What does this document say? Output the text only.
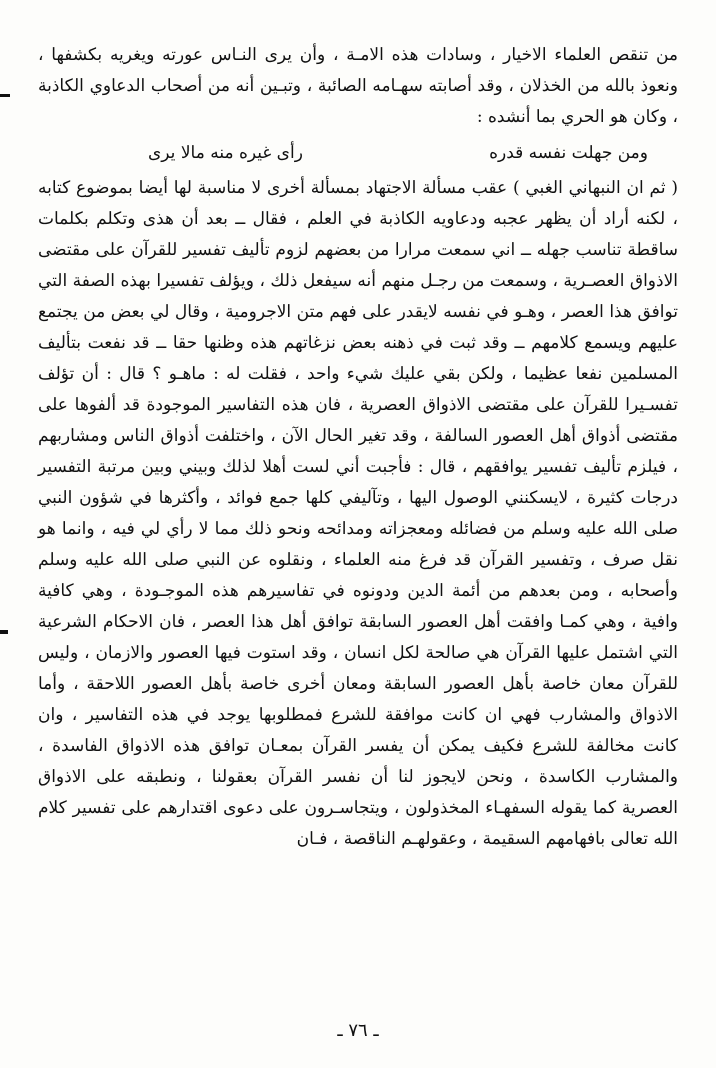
من تنقص العلماء الاخيار ، وسادات هذه الامـة ، وأن يرى النـاس عورته ويغريه بكشفها ، ونعوذ بالله من الخذلان ، وقد أصابته سهـامه الصائبة ، وتبـين أنه من أصحاب الدعاوي الكاذبة ، وكان هو الحري بما أنشده :

ومن جهلت نفسه قدره
رأى غيره منه مالا يرى

( ثم ان النبهاني الغبي ) عقب مسألة الاجتهاد بمسألة أخرى لا مناسبة لها أيضا بموضوع كتابه ، لكنه أراد أن يظهر عجبه ودعاويه الكاذبة في العلم ، فقال ــ بعد أن هذى وتكلم بكلمات ساقطة تناسب جهله ــ اني سمعت مرارا من بعضهم لزوم تأليف تفسير للقرآن على مقتضى الاذواق العصـرية ، وسمعت من رجـل منهم أنه سيفعل ذلك ، ويؤلف تفسيرا بهذه الصفة التي توافق هذا العصر ، وهـو في نفسه لايقدر على فهم متن الاجرومية ، وقال لي بعض من يجتمع عليهم ويسمع كلامهم ــ وقد ثبت في ذهنه بعض نزغاتهم هذه وظنها حقا ــ قد نفعت بتأليف المسلمين نفعا عظيما ، ولكن بقي عليك شيء واحد ، فقلت له : ماهـو ؟ قال : أن تؤلف تفسـيرا للقرآن على مقتضى الاذواق العصرية ، فان هذه التفاسير الموجودة قد ألفوها على مقتضى أذواق أهل العصور السالفة ، وقد تغير الحال الآن ، واختلفت أذواق الناس ومشاربهم ، فيلزم تأليف تفسير يوافقهم ، قال : فأجبت أني لست أهلا لذلك وبيني وبين مرتبة التفسير درجات كثيرة ، لايسكنني الوصول اليها ، وتآليفي كلها جمع فوائد ، وأكثرها في شؤون النبي صلى الله عليه وسلم من فضائله ومعجزاته ومدائحه ونحو ذلك مما لا رأي لي فيه ، وانما هو نقل صرف ، وتفسير القرآن قد فرغ منه العلماء ، ونقلوه عن النبي صلى الله عليه وسلم وأصحابه ، ومن بعدهم من أئمة الدين ودونوه في تفاسيرهم هذه الموجـودة ، وهي كافية وافية ، وهي كمـا وافقت أهل العصور السابقة توافق أهل هذا العصر ، فان الاحكام الشرعية التي اشتمل عليها القرآن هي صالحة لكل انسان ، وقد استوت فيها العصور والازمان ، وليس للقرآن معان خاصة بأهل العصور السابقة ومعان أخرى خاصة بأهل العصور اللاحقة ، وأما الاذواق والمشارب فهي ان كانت موافقة للشرع فمطلوبها يوجد في هذه التفاسير ، وان كانت مخالفة للشرع فكيف يمكن أن يفسر القرآن بمعـان توافق هذه الاذواق الفاسدة ، والمشارب الكاسدة ، ونحن لايجوز لنا أن نفسر القرآن بعقولنا ، ونطبقه على الاذواق العصرية كما يقوله السفهـاء المخذولون ، ويتجاسـرون على دعوى اقتدارهم على تفسير كلام الله تعالى بافهامهم السقيمة ، وعقولهـم الناقصة ، فـان

ـ ٧٦ ـ
